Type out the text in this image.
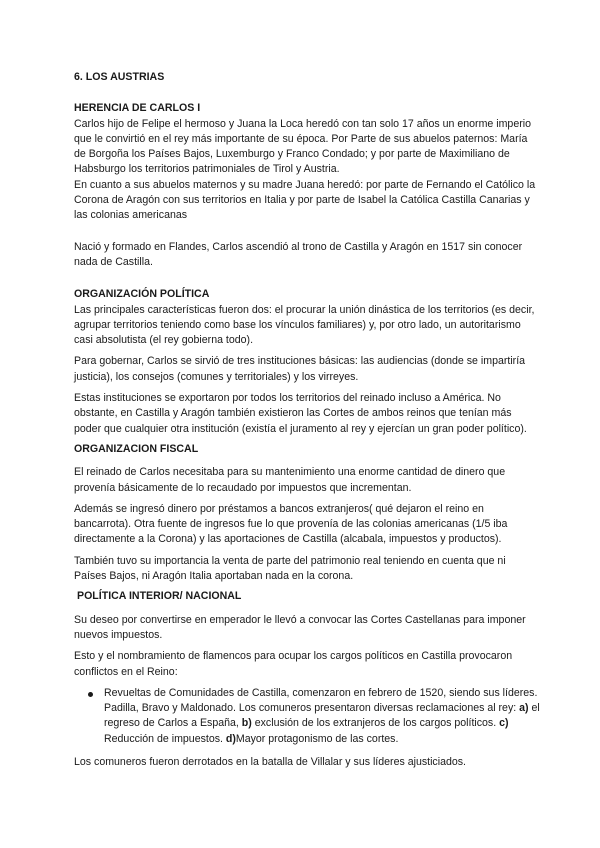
6. LOS AUSTRIAS

HERENCIA DE CARLOS I

Carlos hijo de Felipe el hermoso y Juana la Loca heredó con tan solo 17 años un enorme imperio que le convirtió en el rey más importante de su época. Por Parte de sus abuelos paternos: María de Borgoña los Países Bajos, Luxemburgo y Franco Condado; y por parte de Maximiliano de Habsburgo los territorios patrimoniales de Tirol y Austria.

En cuanto a sus abuelos maternos y su madre Juana heredó: por parte de Fernando el Católico la Corona de Aragón con sus territorios en Italia y por parte de Isabel la Católica Castilla Canarias y las colonias americanas

Nació y formado en Flandes, Carlos ascendió al trono de Castilla y Aragón en 1517 sin conocer nada de Castilla.

ORGANIZACIÓN POLÍTICA

Las principales características fueron dos: el procurar la unión dinástica de los territorios (es decir, agrupar territorios teniendo como base los vínculos familiares) y, por otro lado, un autoritarismo casi absolutista (el rey gobierna todo).

Para gobernar, Carlos se sirvió de tres instituciones básicas: las audiencias (donde se impartiría justicia), los consejos (comunes y territoriales) y los virreyes.

Estas instituciones se exportaron por todos los territorios del reinado incluso a América. No obstante, en Castilla y Aragón también existieron las Cortes de ambos reinos que tenían más poder que cualquier otra institución (existía el juramento al rey y ejercían un gran poder político).

ORGANIZACION FISCAL

El reinado de Carlos necesitaba para su mantenimiento una enorme cantidad de dinero que provenía básicamente de lo recaudado por impuestos que incrementan.

Además se ingresó dinero por préstamos a bancos extranjeros( qué dejaron el reino en bancarrota). Otra fuente de ingresos fue lo que provenía de las colonias americanas (1/5 iba directamente a la Corona) y las aportaciones de Castilla (alcabala, impuestos y productos).

También tuvo su importancia la venta de parte del patrimonio real teniendo en cuenta que ni Países Bajos, ni Aragón Italia aportaban nada en la corona.

POLÍTICA INTERIOR/ NACIONAL

Su deseo por convertirse en emperador le llevó a convocar las Cortes Castellanas para imponer nuevos impuestos.

Esto y el nombramiento de flamencos para ocupar los cargos políticos en Castilla provocaron conflictos en el Reino:

Revueltas de Comunidades de Castilla, comenzaron en febrero de 1520, siendo sus líderes. Padilla, Bravo y Maldonado. Los comuneros presentaron diversas reclamaciones al rey: a) el regreso de Carlos a España, b) exclusión de los extranjeros de los cargos políticos. c) Reducción de impuestos. d)Mayor protagonismo de las cortes.

Los comuneros fueron derrotados en la batalla de Villalar y sus líderes ajusticiados.
